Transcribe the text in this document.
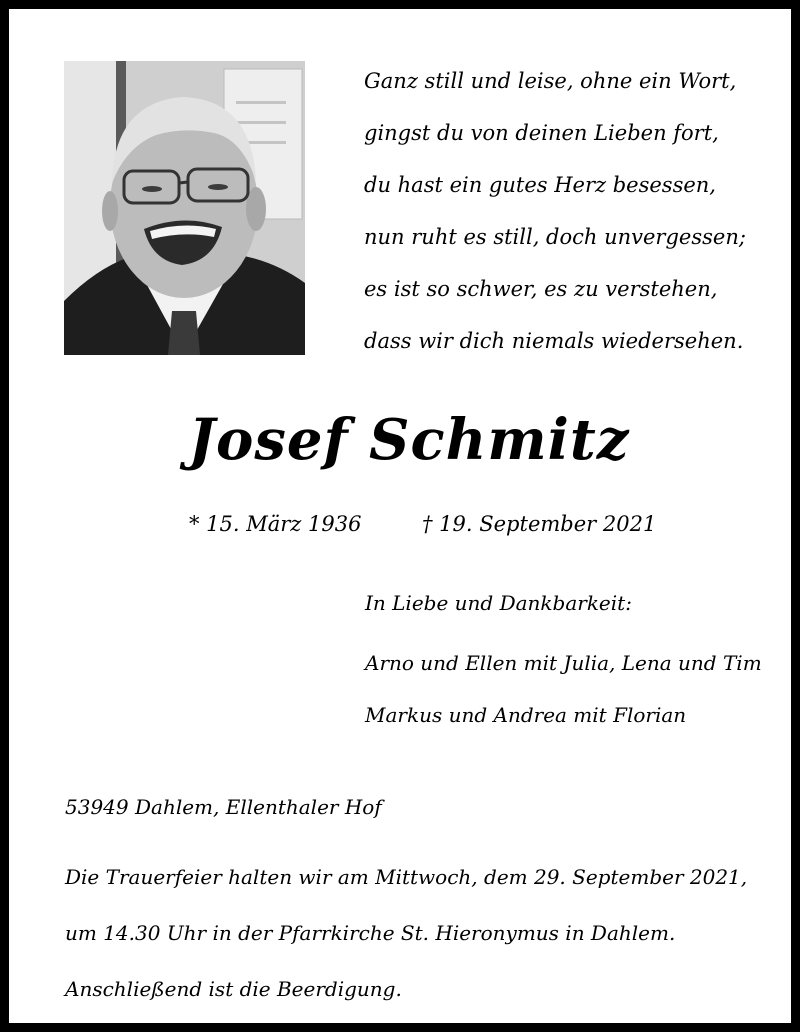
Ganz still und leise, ohne ein Wort,
gingst du von deinen Lieben fort,
du hast ein gutes Herz besessen,
nun ruht es still, doch unvergessen;
es ist so schwer, es zu verstehen,
dass wir dich niemals wiedersehen.
Josef Schmitz
* 15. März 1936	† 19. September 2021
In Liebe und Dankbarkeit:
Arno und Ellen mit Julia, Lena und Tim
Markus und Andrea mit Florian
53949 Dahlem, Ellenthaler Hof
Die Trauerfeier halten wir am Mittwoch, dem 29. September 2021,
um 14.30 Uhr in der Pfarrkirche St. Hieronymus in Dahlem.
Anschließend ist die Beerdigung.
